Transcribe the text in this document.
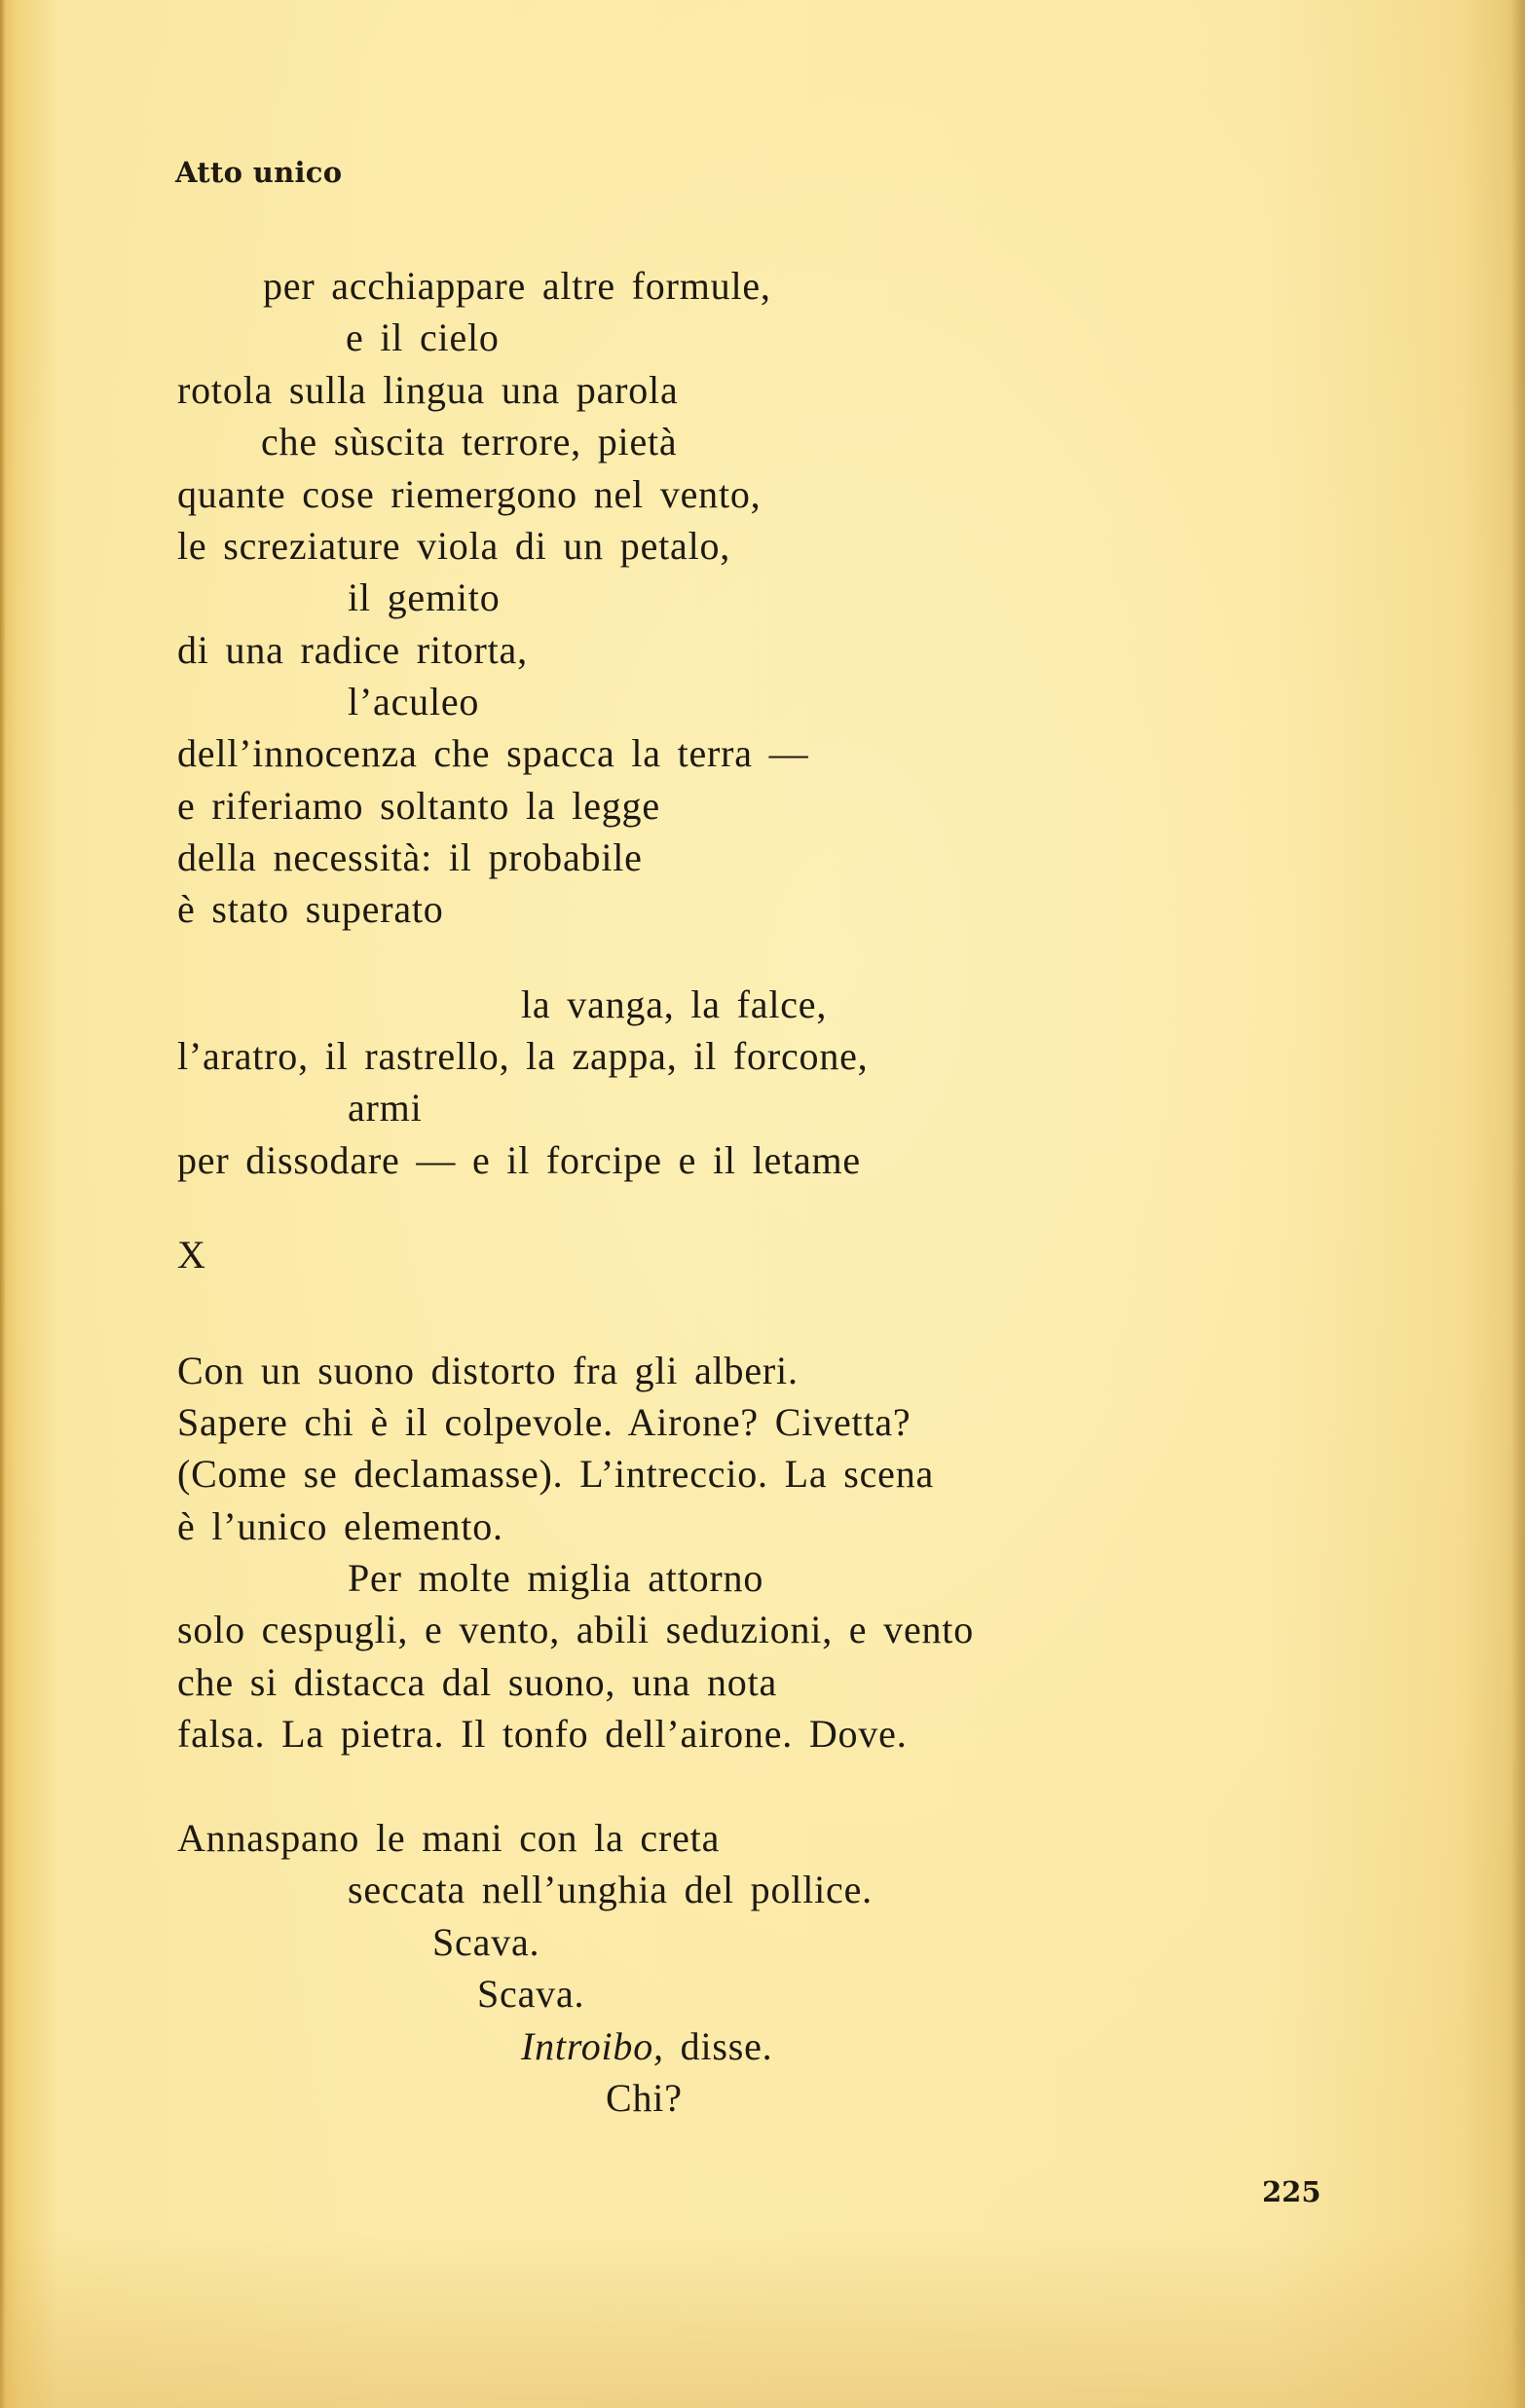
Atto unico
per acchiappare altre formule,
e il cielo
rotola sulla lingua una parola
che sùscita terrore, pietà
quante cose riemergono nel vento,
le screziature viola di un petalo,
il gemito
di una radice ritorta,
l’aculeo
dell’innocenza che spacca la terra —
e riferiamo soltanto la legge
della necessità: il probabile
è stato superato
la vanga, la falce,
l’aratro, il rastrello, la zappa, il forcone,
armi
per dissodare — e il forcipe e il letame
X
Con un suono distorto fra gli alberi.
Sapere chi è il colpevole. Airone? Civetta?
(Come se declamasse). L’intreccio. La scena
è l’unico elemento.
Per molte miglia attorno
solo cespugli, e vento, abili seduzioni, e vento
che si distacca dal suono, una nota
falsa. La pietra. Il tonfo dell’airone. Dove.
Annaspano le mani con la creta
seccata nell’unghia del pollice.
Scava.
Scava.
Introibo, disse.
Chi?
225
